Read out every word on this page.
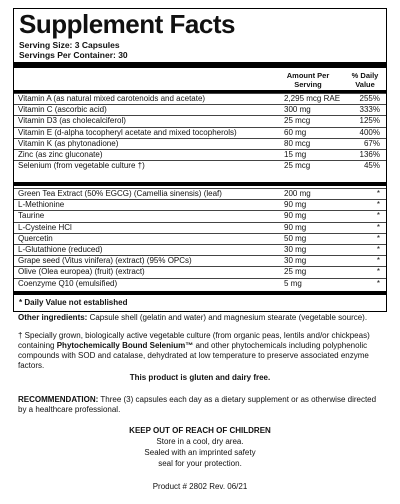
Supplement Facts
Serving Size: 3 Capsules
Servings Per Container: 30
Amount Per Serving
% Daily Value
Vitamin A (as natural mixed carotenoids and acetate)	2,295 mcg RAE	255%
Vitamin C (ascorbic acid)	300 mg	333%
Vitamin D3 (as cholecalciferol)	25 mcg	125%
Vitamin E (d-alpha tocopheryl acetate and mixed tocopherols)	60 mg	400%
Vitamin K (as phytonadione)	80 mcg	67%
Zinc (as zinc gluconate)	15 mg	136%
Selenium (from vegetable culture †)	25 mcg	45%
Green Tea Extract (50% EGCG) (Camellia sinensis) (leaf)	200 mg	*
L-Methionine	90 mg	*
Taurine	90 mg	*
L-Cysteine HCl	90 mg	*
Quercetin	50 mg	*
L-Glutathione (reduced)	30 mg	*
Grape seed (Vitus vinifera) (extract) (95% OPCs)	30 mg	*
Olive (Olea europea) (fruit) (extract)	25 mg	*
Coenzyme Q10 (emulsified)	5 mg	*
* Daily Value not established
Other ingredients: Capsule shell (gelatin and water) and magnesium stearate (vegetable source).
† Specially grown, biologically active vegetable culture (from organic peas, lentils and/or chickpeas) containing Phytochemically Bound Selenium™ and other phytochemicals including polyphenolic compounds with SOD and catalase, dehydrated at low temperature to preserve associated enzyme factors.
This product is gluten and dairy free.
RECOMMENDATION: Three (3) capsules each day as a dietary supplement or as otherwise directed by a healthcare professional.
KEEP OUT OF REACH OF CHILDREN
Store in a cool, dry area.
Sealed with an imprinted safety
seal for your protection.
Product # 2802 Rev. 06/21
